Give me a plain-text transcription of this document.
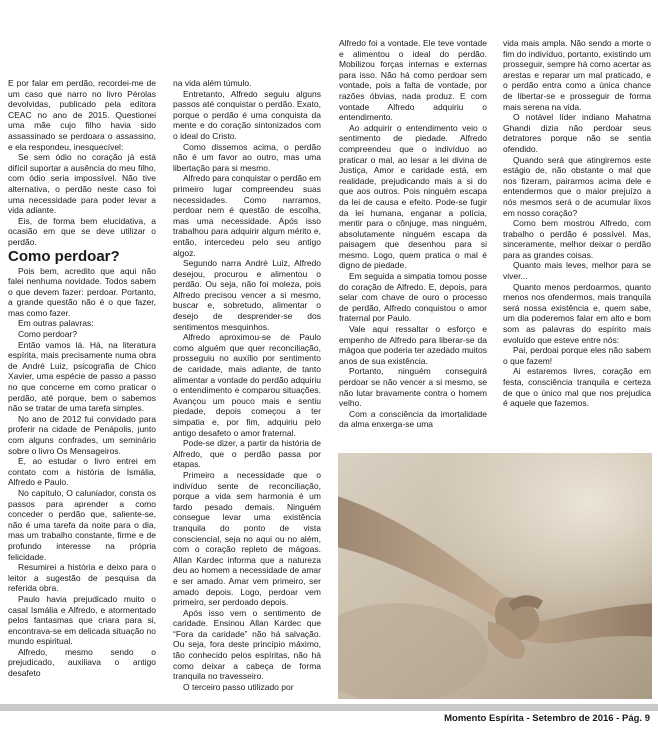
E por falar em perdão, recordei-me de um caso que narro no livro Pérolas devolvidas, publicado pela editora CEAC no ano de 2015. Questionei uma mãe cujo filho havia sido assassinado se perdoara o assassino, e ela respondeu, inesquecível:

Se sem ódio no coração já está difícil suportar a ausência do meu filho, com ódio seria impossível. Não tive alternativa, o perdão neste caso foi uma necessidade para poder levar a vida adiante.

Eis, de forma bem elucidativa, a ocasião em que se deve utilizar o perdão.

Como perdoar?

Pois bem, acredito que aqui não falei nenhuma novidade. Todos sabem o que devem fazer: perdoar. Portanto, a grande questão não é o que fazer, mas como fazer.

Em outras palavras:

Como perdoar?

Então vamos lá. Há, na literatura espírita, mais precisamente numa obra de André Luiz, psicografia de Chico Xavier, uma espécie de passo a passo no que concerne em como praticar o perdão, até porque, bem o sabemos não se tratar de uma tarefa simples.

No ano de 2012 fui convidado para proferir na cidade de Penápolis, junto com alguns confrades, um seminário sobre o livro Os Mensageiros.

E, ao estudar o livro entrei em contato com a história de Ismália, Alfredo e Paulo.

No capítulo, O caluniador, consta os passos para aprender a como conceder o perdão que, saliente-se, não é uma tarefa da noite para o dia, mas um trabalho constante, firme e de profundo interesse na própria felicidade.

Resumirei a história e deixo para o leitor a sugestão de pesquisa da referida obra.

Paulo havia prejudicado muito o casal Ismália e Alfredo, e atormentado pelos fantasmas que criara para si, encontrava-se em delicada situação no mundo espiritual.

Alfredo, mesmo sendo o prejudicado, auxiliava o antigo desafeto

na vida além túmulo.

Entretanto, Alfredo seguiu alguns passos até conquistar o perdão. Exato, porque o perdão é uma conquista da mente e do coração sintonizados com o ideal do Cristo.

Como dissemos acima, o perdão não é um favor ao outro, mas uma libertação para si mesmo.

Alfredo para conquistar o perdão em primeiro lugar compreendeu suas necessidades. Como narramos, perdoar nem é questão de escolha, mas uma necessidade. Após isso trabalhou para adquirir algum mérito e, então, intercedeu pelo seu antigo algoz.

Segundo narra André Luiz, Alfredo desejou, procurou e alimentou o perdão. Ou seja, não foi moleza, pois Alfredo precisou vencer a si mesmo, buscar e, sobretudo, alimentar o desejo de desprender-se dos sentimentos mesquinhos.

Alfredo aproximou-se de Paulo como alguém que quer reconciliação, prosseguiu no auxílio por sentimento de caridade, mais adiante, de tanto alimentar a vontade do perdão adquiriu o entendimento e comparou situações. Avançou um pouco mais e sentiu piedade, depois começou a ter simpatia e, por fim, adquiriu pelo antigo desafeto o amor fraternal.

Pode-se dizer, a partir da história de Alfredo, que o perdão passa por etapas.

Primeiro a necessidade que o indivíduo sente de reconciliação, porque a vida sem harmonia é um fardo pesado demais. Ninguém consegue levar uma existência tranquila do ponto de vista consciencial, seja no aqui ou no além, com o coração repleto de mágoas. Allan Kardec informa que a natureza deu ao homem a necessidade de amar e ser amado. Amar vem primeiro, ser amado depois. Logo, perdoar vem primeiro, ser perdoado depois.

Após isso vem o sentimento de caridade. Ensinou Allan Kardec que “Fora da caridade” não há salvação. Ou seja, fora deste princípio máximo, tão conhecido pelos espíritas, não há como deixar a cabeça de forma tranquila no travesseiro.

O terceiro passo utilizado por

Alfredo foi a vontade. Ele teve vontade e alimentou o ideal do perdão. Mobilizou forças internas e externas para isso. Não há como perdoar sem vontade, pois a falta de vontade, por razões óbvias, nada produz. E com vontade Alfredo adquiriu o entendimento.

Ao adquirir o entendimento veio o sentimento de piedade. Alfredo compreendeu que o indivíduo ao praticar o mal, ao lesar a lei divina de Justiça, Amor e caridade está, em realidade, prejudicando mais a si do que aos outros. Pois ninguém escapa da lei de causa e efeito. Pode-se fugir da lei humana, enganar a polícia, mentir para o cônjuge, mas ninguém, absolutamente ninguém escapa da paisagem que desenhou para si mesmo. Logo, quem pratica o mal é digno de piedade.

Em seguida a simpatia tomou posse do coração de Alfredo. E, depois, para selar com chave de ouro o processo de perdão, Alfredo conquistou o amor fraternal por Paulo.

Vale aqui ressaltar o esforço e empenho de Alfredo para liberar-se da mágoa que poderia ter azedado muitos anos de sua existência.

Portanto, ninguém conseguirá perdoar se não vencer a si mesmo, se não lutar bravamente contra o homem velho.

Com a consciência da imortalidade da alma enxerga-se uma

vida mais ampla. Não sendo a morte o fim do indivíduo, portanto, existindo um prosseguir, sempre há como acertar as arestas e reparar um mal praticado, e o perdão entra como a única chance de libertar-se e prosseguir de forma mais serena na vida.

O notável líder indiano Mahatma Ghandi dizia não perdoar seus detratores porque não se sentia ofendido.

Quando será que atingiremos este estágio de, não obstante o mal que nos fizeram, pairarmos acima dele e entendermos que o maior prejuízo a nós mesmos será o de acumular lixos em nosso coração?

Como bem mostrou Alfredo, com trabalho o perdão é possível. Mas, sinceramente, melhor deixar o perdão para as grandes coisas.

Quanto mais leves, melhor para se viver...

Quanto menos perdoarmos, quanto menos nos ofendermos, mais tranquila será nossa existência e, quem sabe, um dia poderemos falar em alto e bom som as palavras do espírito mais evoluído que esteve entre nós:

Pai, perdoai porque eles não sabem o que fazem!

Ai estaremos livres, coração em festa, consciência tranquila e certeza de que o único mal que nos prejudica é aquele que fazemos.

Momento Espírita - Setembro de 2016 - Pág. 9
